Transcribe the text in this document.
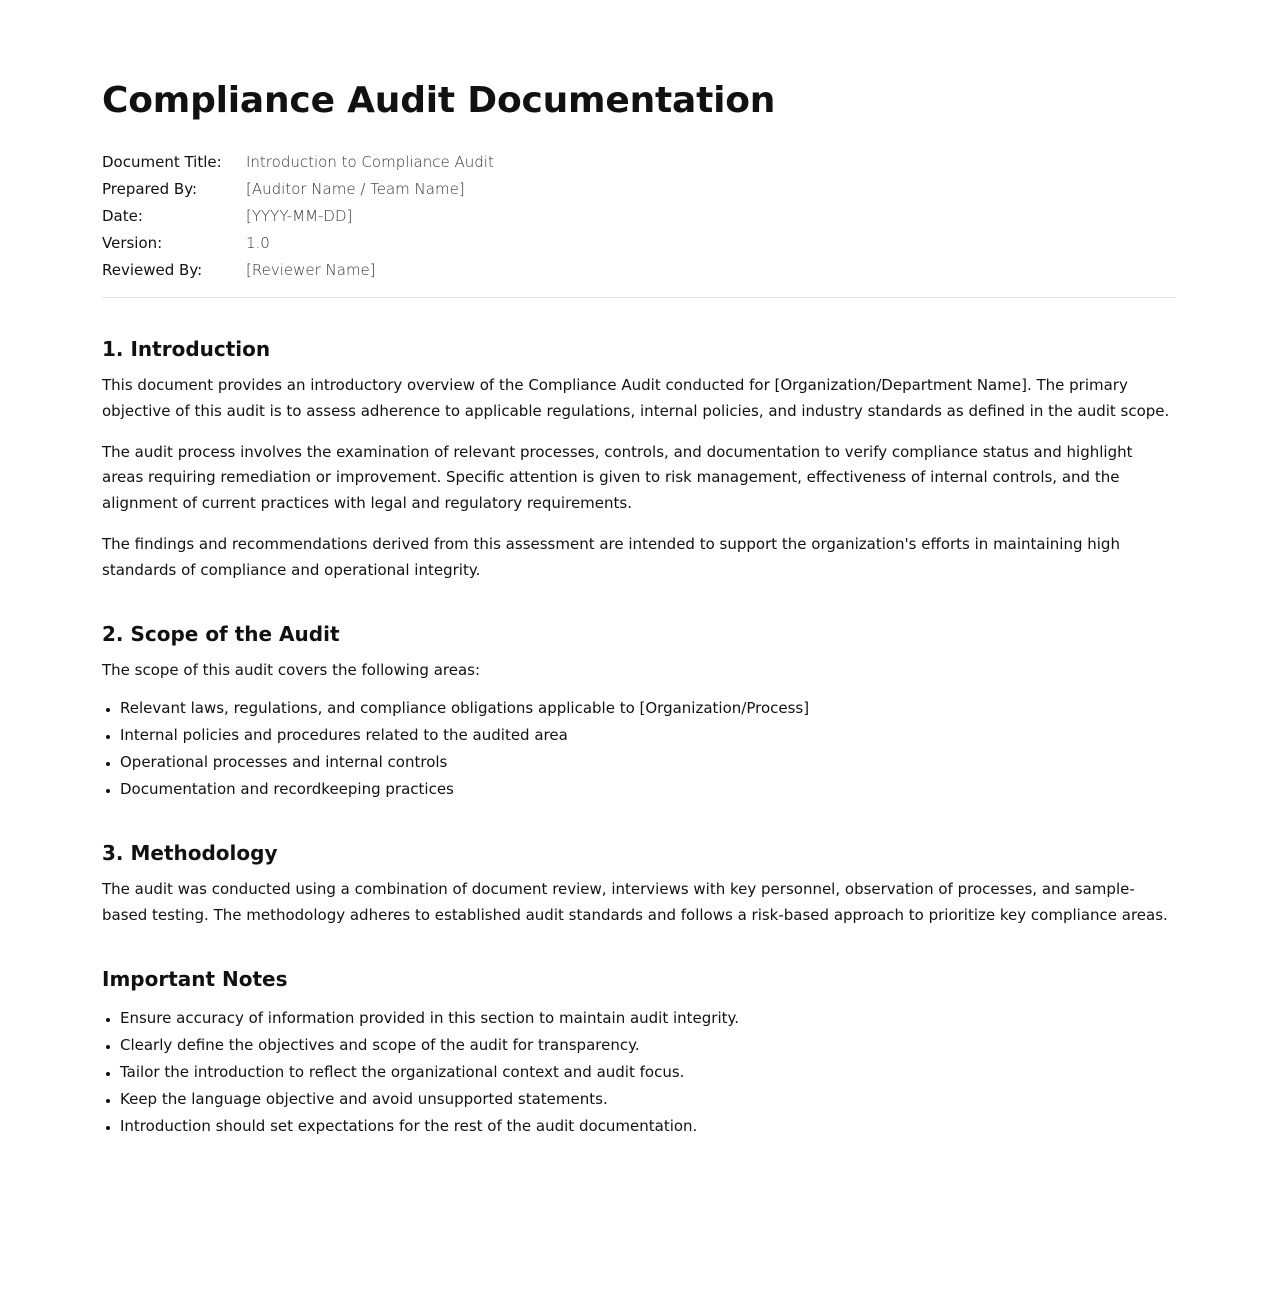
Compliance Audit Documentation
Document Title:	Introduction to Compliance Audit
Prepared By:	[Auditor Name / Team Name]
Date:	[YYYY-MM-DD]
Version:	1.0
Reviewed By:	[Reviewer Name]
1. Introduction

This document provides an introductory overview of the Compliance Audit conducted for [Organization/Department Name]. The primary objective of this audit is to assess adherence to applicable regulations, internal policies, and industry standards as defined in the audit scope.

The audit process involves the examination of relevant processes, controls, and documentation to verify compliance status and highlight areas requiring remediation or improvement. Specific attention is given to risk management, effectiveness of internal controls, and the alignment of current practices with legal and regulatory requirements.

The findings and recommendations derived from this assessment are intended to support the organization's efforts in maintaining high standards of compliance and operational integrity.

2. Scope of the Audit

The scope of this audit covers the following areas:

• Relevant laws, regulations, and compliance obligations applicable to [Organization/Process]
• Internal policies and procedures related to the audited area
• Operational processes and internal controls
• Documentation and recordkeeping practices
3. Methodology

The audit was conducted using a combination of document review, interviews with key personnel, observation of processes, and sample-based testing. The methodology adheres to established audit standards and follows a risk-based approach to prioritize key compliance areas.

Important Notes
• Ensure accuracy of information provided in this section to maintain audit integrity.
• Clearly define the objectives and scope of the audit for transparency.
• Tailor the introduction to reflect the organizational context and audit focus.
• Keep the language objective and avoid unsupported statements.
• Introduction should set expectations for the rest of the audit documentation.
